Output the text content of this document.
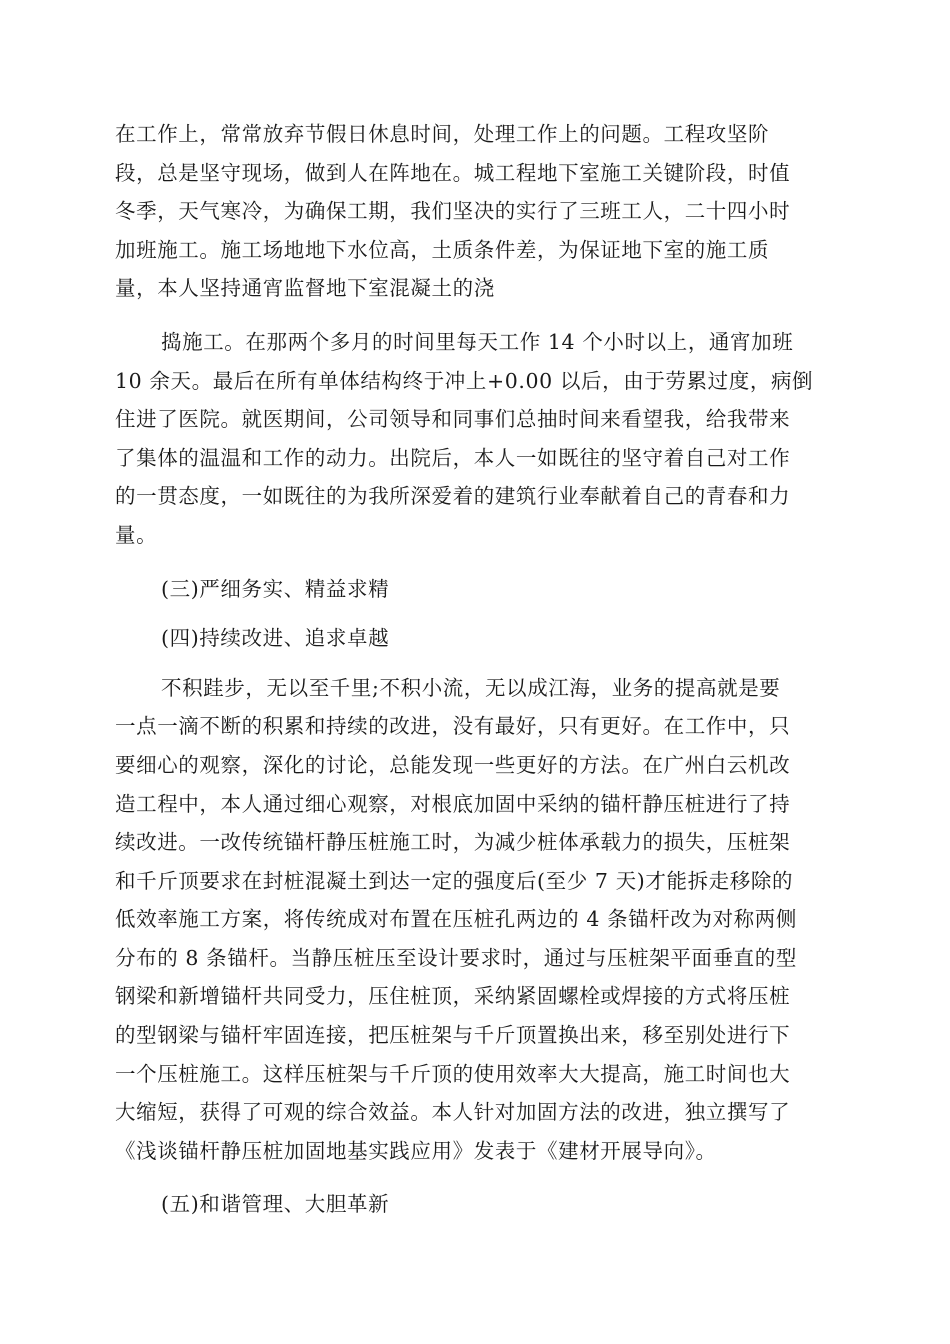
在工作上，常常放弃节假日休息时间，处理工作上的问题。工程攻坚阶
段，总是坚守现场，做到人在阵地在。城工程地下室施工关键阶段，时值
冬季，天气寒冷，为确保工期，我们坚决的实行了三班工人，二十四小时
加班施工。施工场地地下水位高，土质条件差，为保证地下室的施工质
量，本人坚持通宵监督地下室混凝土的浇

捣施工。在那两个多月的时间里每天工作 14 个小时以上，通宵加班
10 余天。最后在所有单体结构终于冲上+0.00 以后，由于劳累过度，病倒
住进了医院。就医期间，公司领导和同事们总抽时间来看望我，给我带来
了集体的温温和工作的动力。出院后，本人一如既往的坚守着自己对工作
的一贯态度，一如既往的为我所深爱着的建筑行业奉献着自己的青春和力
量。

(三)严细务实、精益求精

(四)持续改进、追求卓越

不积跬步，无以至千里;不积小流，无以成江海，业务的提高就是要
一点一滴不断的积累和持续的改进，没有最好，只有更好。在工作中，只
要细心的观察，深化的讨论，总能发现一些更好的方法。在广州白云机改
造工程中，本人通过细心观察，对根底加固中采纳的锚杆静压桩进行了持
续改进。一改传统锚杆静压桩施工时，为减少桩体承载力的损失，压桩架
和千斤顶要求在封桩混凝土到达一定的强度后(至少 7 天)才能拆走移除的
低效率施工方案，将传统成对布置在压桩孔两边的 4 条锚杆改为对称两侧
分布的 8 条锚杆。当静压桩压至设计要求时，通过与压桩架平面垂直的型
钢梁和新增锚杆共同受力，压住桩顶，采纳紧固螺栓或焊接的方式将压桩
的型钢梁与锚杆牢固连接，把压桩架与千斤顶置换出来，移至别处进行下
一个压桩施工。这样压桩架与千斤顶的使用效率大大提高，施工时间也大
大缩短，获得了可观的综合效益。本人针对加固方法的改进，独立撰写了
《浅谈锚杆静压桩加固地基实践应用》发表于《建材开展导向》。

(五)和谐管理、大胆革新
